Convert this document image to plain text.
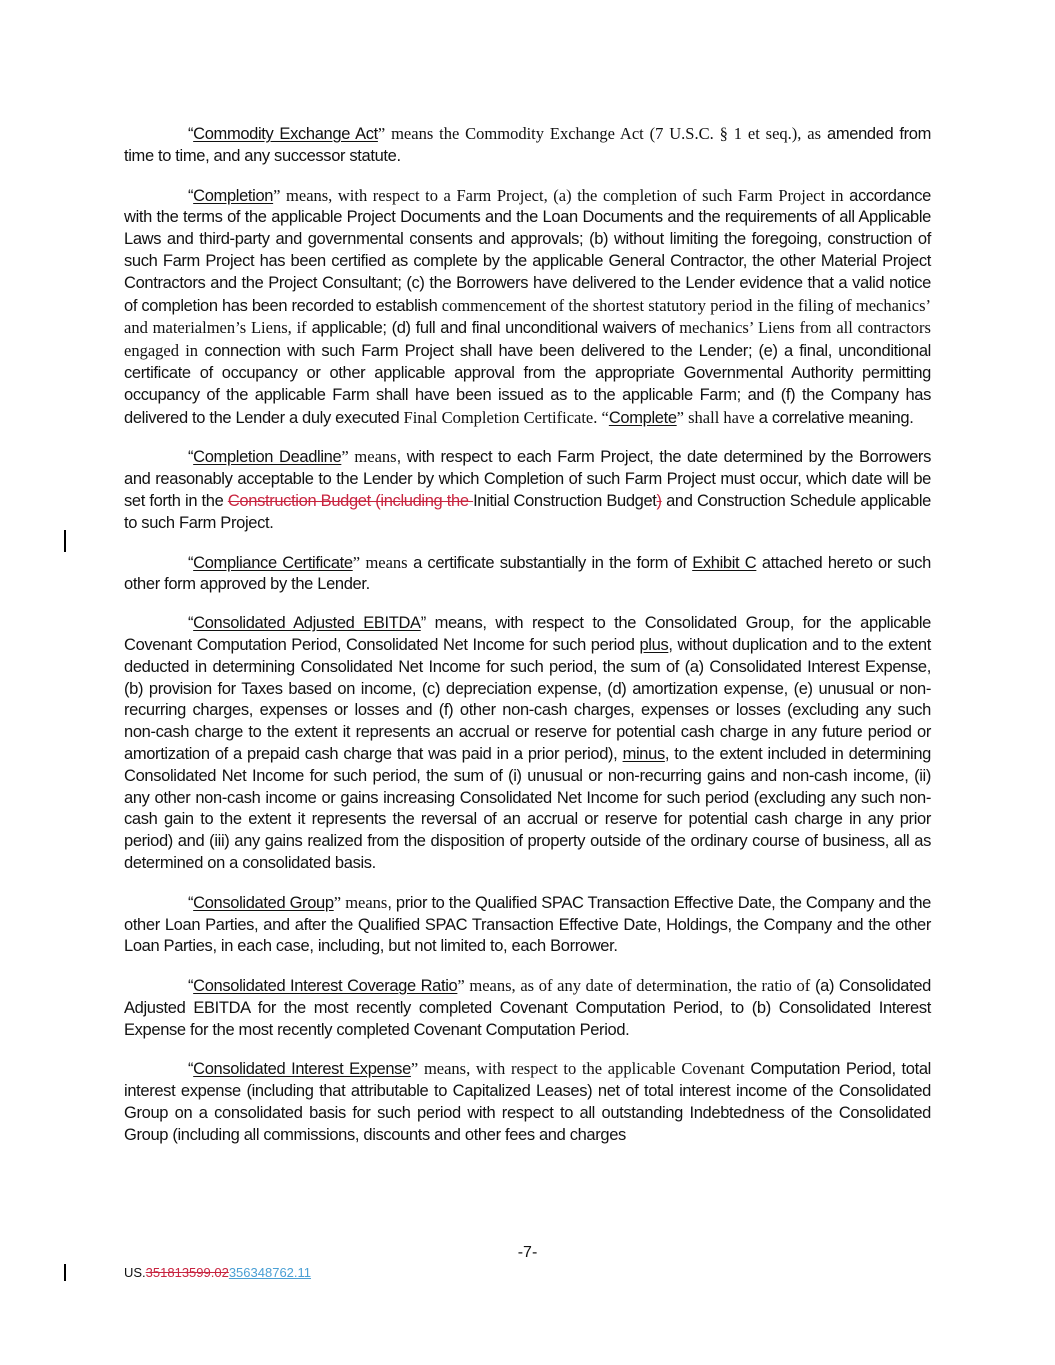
“Commodity Exchange Act” means the Commodity Exchange Act (7 U.S.C. § 1 et seq.), as amended from time to time, and any successor statute.

“Completion” means, with respect to a Farm Project, (a) the completion of such Farm Project in accordance with the terms of the applicable Project Documents and the Loan Documents and the requirements of all Applicable Laws and third-party and governmental consents and approvals; (b) without limiting the foregoing, construction of such Farm Project has been certified as complete by the applicable General Contractor, the other Material Project Contractors and the Project Consultant; (c) the Borrowers have delivered to the Lender evidence that a valid notice of completion has been recorded to establish commencement of the shortest statutory period in the filing of mechanics’ and materialmen’s Liens, if applicable; (d) full and final unconditional waivers of mechanics’ Liens from all contractors engaged in connection with such Farm Project shall have been delivered to the Lender; (e) a final, unconditional certificate of occupancy or other applicable approval from the appropriate Governmental Authority permitting occupancy of the applicable Farm shall have been issued as to the applicable Farm; and (f) the Company has delivered to the Lender a duly executed Final Completion Certificate. “Complete” shall have a correlative meaning.

“Completion Deadline” means, with respect to each Farm Project, the date determined by the Borrowers and reasonably acceptable to the Lender by which Completion of such Farm Project must occur, which date will be set forth in the Construction Budget (including the Initial Construction Budget) and Construction Schedule applicable to such Farm Project.

“Compliance Certificate” means a certificate substantially in the form of Exhibit C attached hereto or such other form approved by the Lender.

“Consolidated Adjusted EBITDA” means, with respect to the Consolidated Group, for the applicable Covenant Computation Period, Consolidated Net Income for such period plus, without duplication and to the extent deducted in determining Consolidated Net Income for such period, the sum of (a) Consolidated Interest Expense, (b) provision for Taxes based on income, (c) depreciation expense, (d) amortization expense, (e) unusual or non-recurring charges, expenses or losses and (f) other non-cash charges, expenses or losses (excluding any such non-cash charge to the extent it represents an accrual or reserve for potential cash charge in any future period or amortization of a prepaid cash charge that was paid in a prior period), minus, to the extent included in determining Consolidated Net Income for such period, the sum of (i) unusual or non-recurring gains and non-cash income, (ii) any other non-cash income or gains increasing Consolidated Net Income for such period (excluding any such non-cash gain to the extent it represents the reversal of an accrual or reserve for potential cash charge in any prior period) and (iii) any gains realized from the disposition of property outside of the ordinary course of business, all as determined on a consolidated basis.

“Consolidated Group” means, prior to the Qualified SPAC Transaction Effective Date, the Company and the other Loan Parties, and after the Qualified SPAC Transaction Effective Date, Holdings, the Company and the other Loan Parties, in each case, including, but not limited to, each Borrower.

“Consolidated Interest Coverage Ratio” means, as of any date of determination, the ratio of (a) Consolidated Adjusted EBITDA for the most recently completed Covenant Computation Period, to (b) Consolidated Interest Expense for the most recently completed Covenant Computation Period.

“Consolidated Interest Expense” means, with respect to the applicable Covenant Computation Period, total interest expense (including that attributable to Capitalized Leases) net of total interest income of the Consolidated Group on a consolidated basis for such period with respect to all outstanding Indebtedness of the Consolidated Group (including all commissions, discounts and other fees and charges

-7-
US.351813599.02356348762.11
